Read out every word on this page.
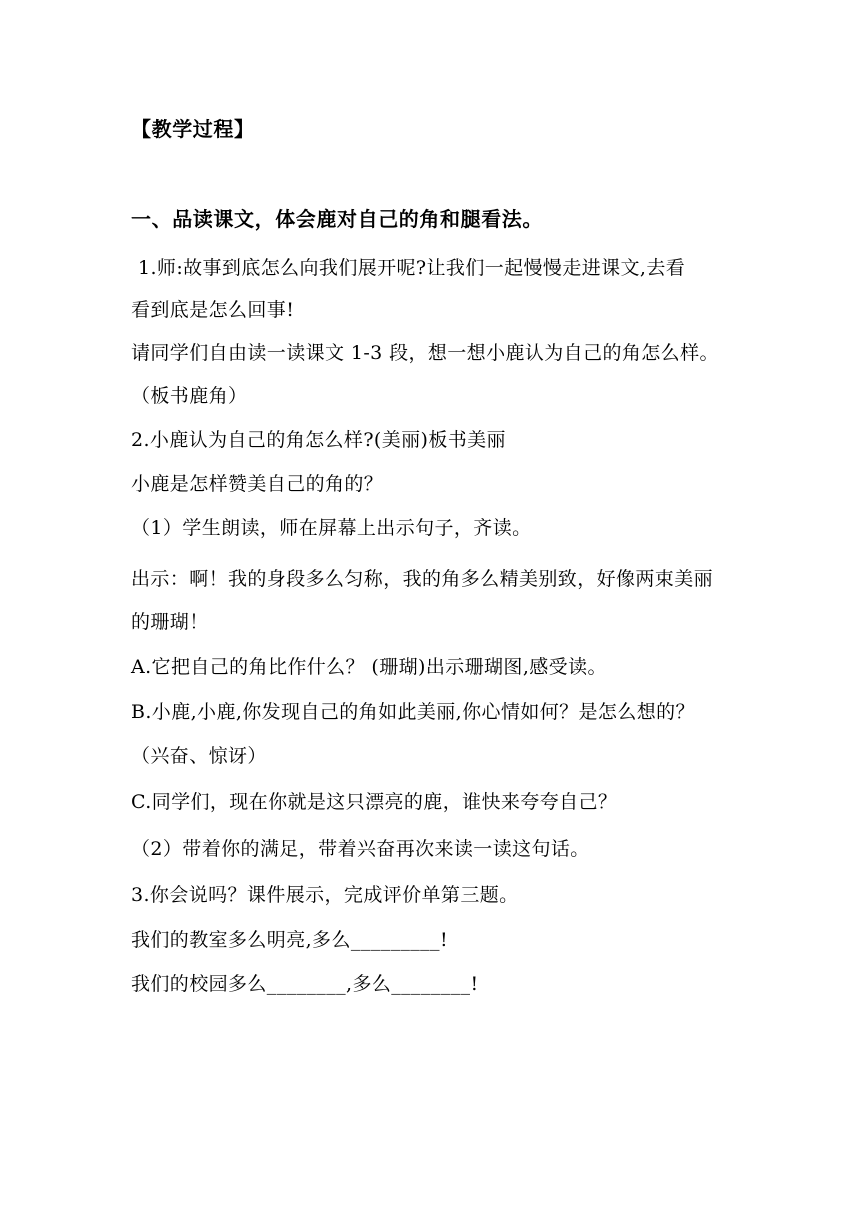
【教学过程】
一、品读课文，体会鹿对自己的角和腿看法。
1.师:故事到底怎么向我们展开呢?让我们一起慢慢走进课文,去看
看到底是怎么回事!
请同学们自由读一读课文 1-3 段，想一想小鹿认为自己的角怎么样。
（板书鹿角）
2.小鹿认为自己的角怎么样?(美丽)板书美丽
小鹿是怎样赞美自己的角的？
（1）学生朗读，师在屏幕上出示句子，齐读。
出示：啊！我的身段多么匀称，我的角多么精美别致，好像两束美丽
的珊瑚！
A.它把自己的角比作什么？ (珊瑚)出示珊瑚图,感受读。
B.小鹿,小鹿,你发现自己的角如此美丽,你心情如何？是怎么想的？
（兴奋、惊讶）
C.同学们，现在你就是这只漂亮的鹿，谁快来夸夸自己？
（2）带着你的满足，带着兴奋再次来读一读这句话。
3.你会说吗？课件展示，完成评价单第三题。
我们的教室多么明亮,多么_________!
我们的校园多么________,多么________!
